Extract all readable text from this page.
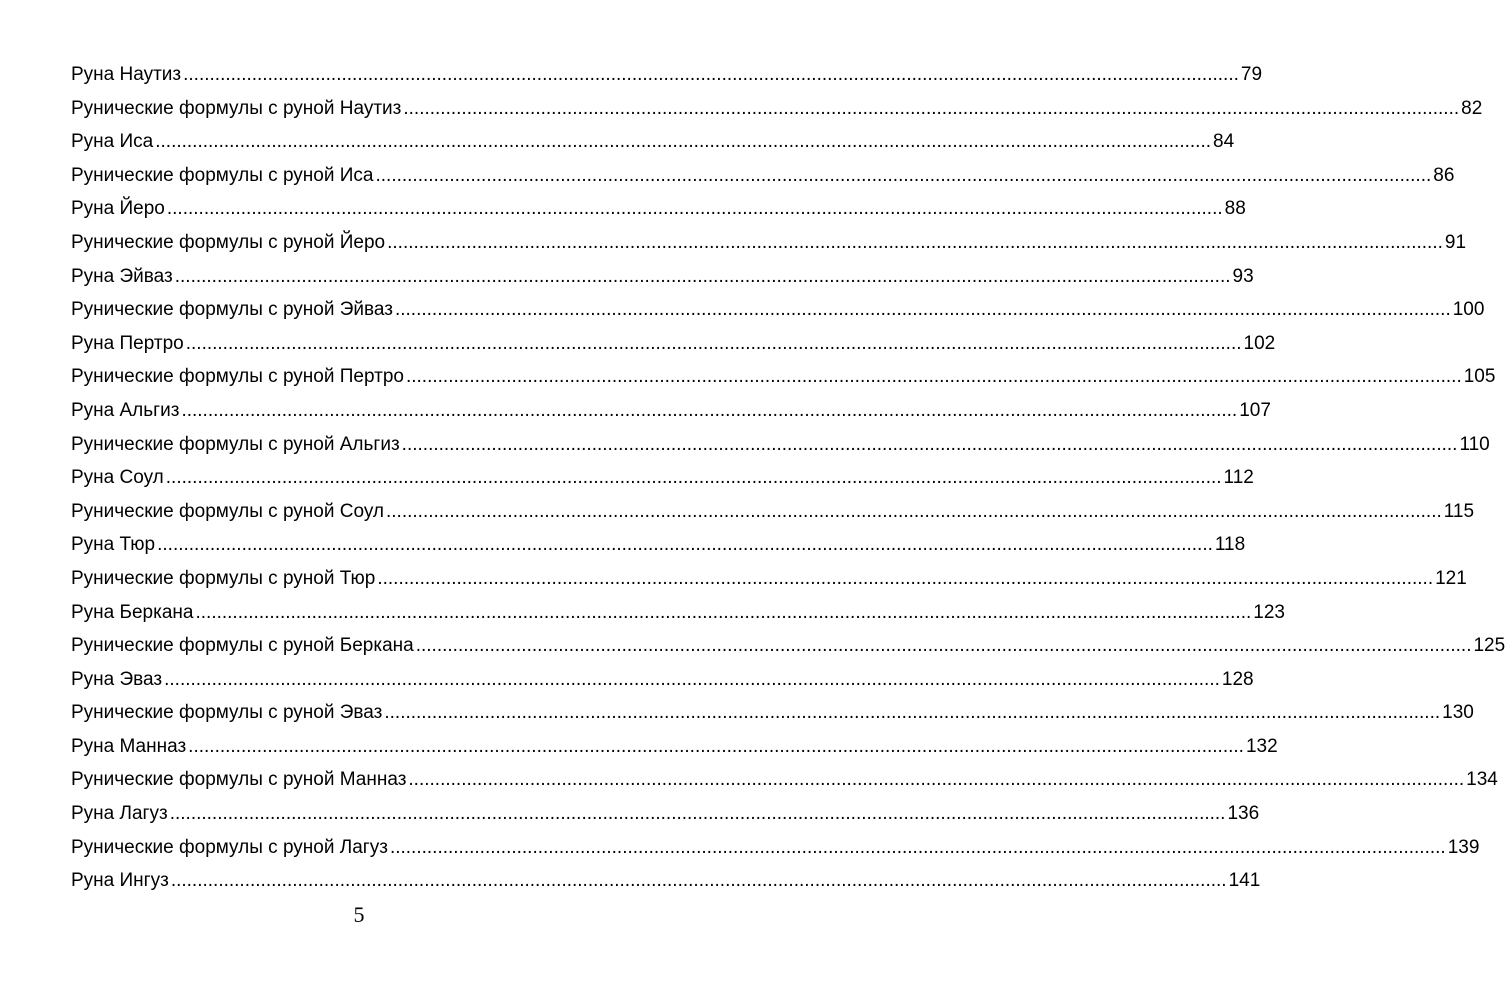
Руна Наутиз ........................................................................................................................................................................................................ 79
Рунические формулы с руной Наутиз ........................................................................................................................................................................................................ 82
Руна Иса ........................................................................................................................................................................................................ 84
Рунические формулы с руной Иса ........................................................................................................................................................................................................ 86
Руна Йеро ........................................................................................................................................................................................................ 88
Рунические формулы с руной Йеро ........................................................................................................................................................................................................ 91
Руна Эйваз ........................................................................................................................................................................................................ 93
Рунические формулы с руной Эйваз ........................................................................................................................................................................................................ 100
Руна Пертро ........................................................................................................................................................................................................ 102
Рунические формулы с руной Пертро ........................................................................................................................................................................................................ 105
Руна Альгиз ........................................................................................................................................................................................................ 107
Рунические формулы с руной Альгиз ........................................................................................................................................................................................................ 110
Руна Соул ........................................................................................................................................................................................................ 112
Рунические формулы с руной Соул ........................................................................................................................................................................................................ 115
Руна Тюр ........................................................................................................................................................................................................ 118
Рунические формулы с руной Тюр ........................................................................................................................................................................................................ 121
Руна Беркана ........................................................................................................................................................................................................ 123
Рунические формулы с руной Беркана ........................................................................................................................................................................................................ 125
Руна Эваз ........................................................................................................................................................................................................ 128
Рунические формулы с руной Эваз ........................................................................................................................................................................................................ 130
Руна Манназ ........................................................................................................................................................................................................ 132
Рунические формулы с руной Манназ ........................................................................................................................................................................................................ 134
Руна Лагуз ........................................................................................................................................................................................................ 136
Рунические формулы с руной Лагуз ........................................................................................................................................................................................................ 139
Руна Ингуз ........................................................................................................................................................................................................ 141
5
